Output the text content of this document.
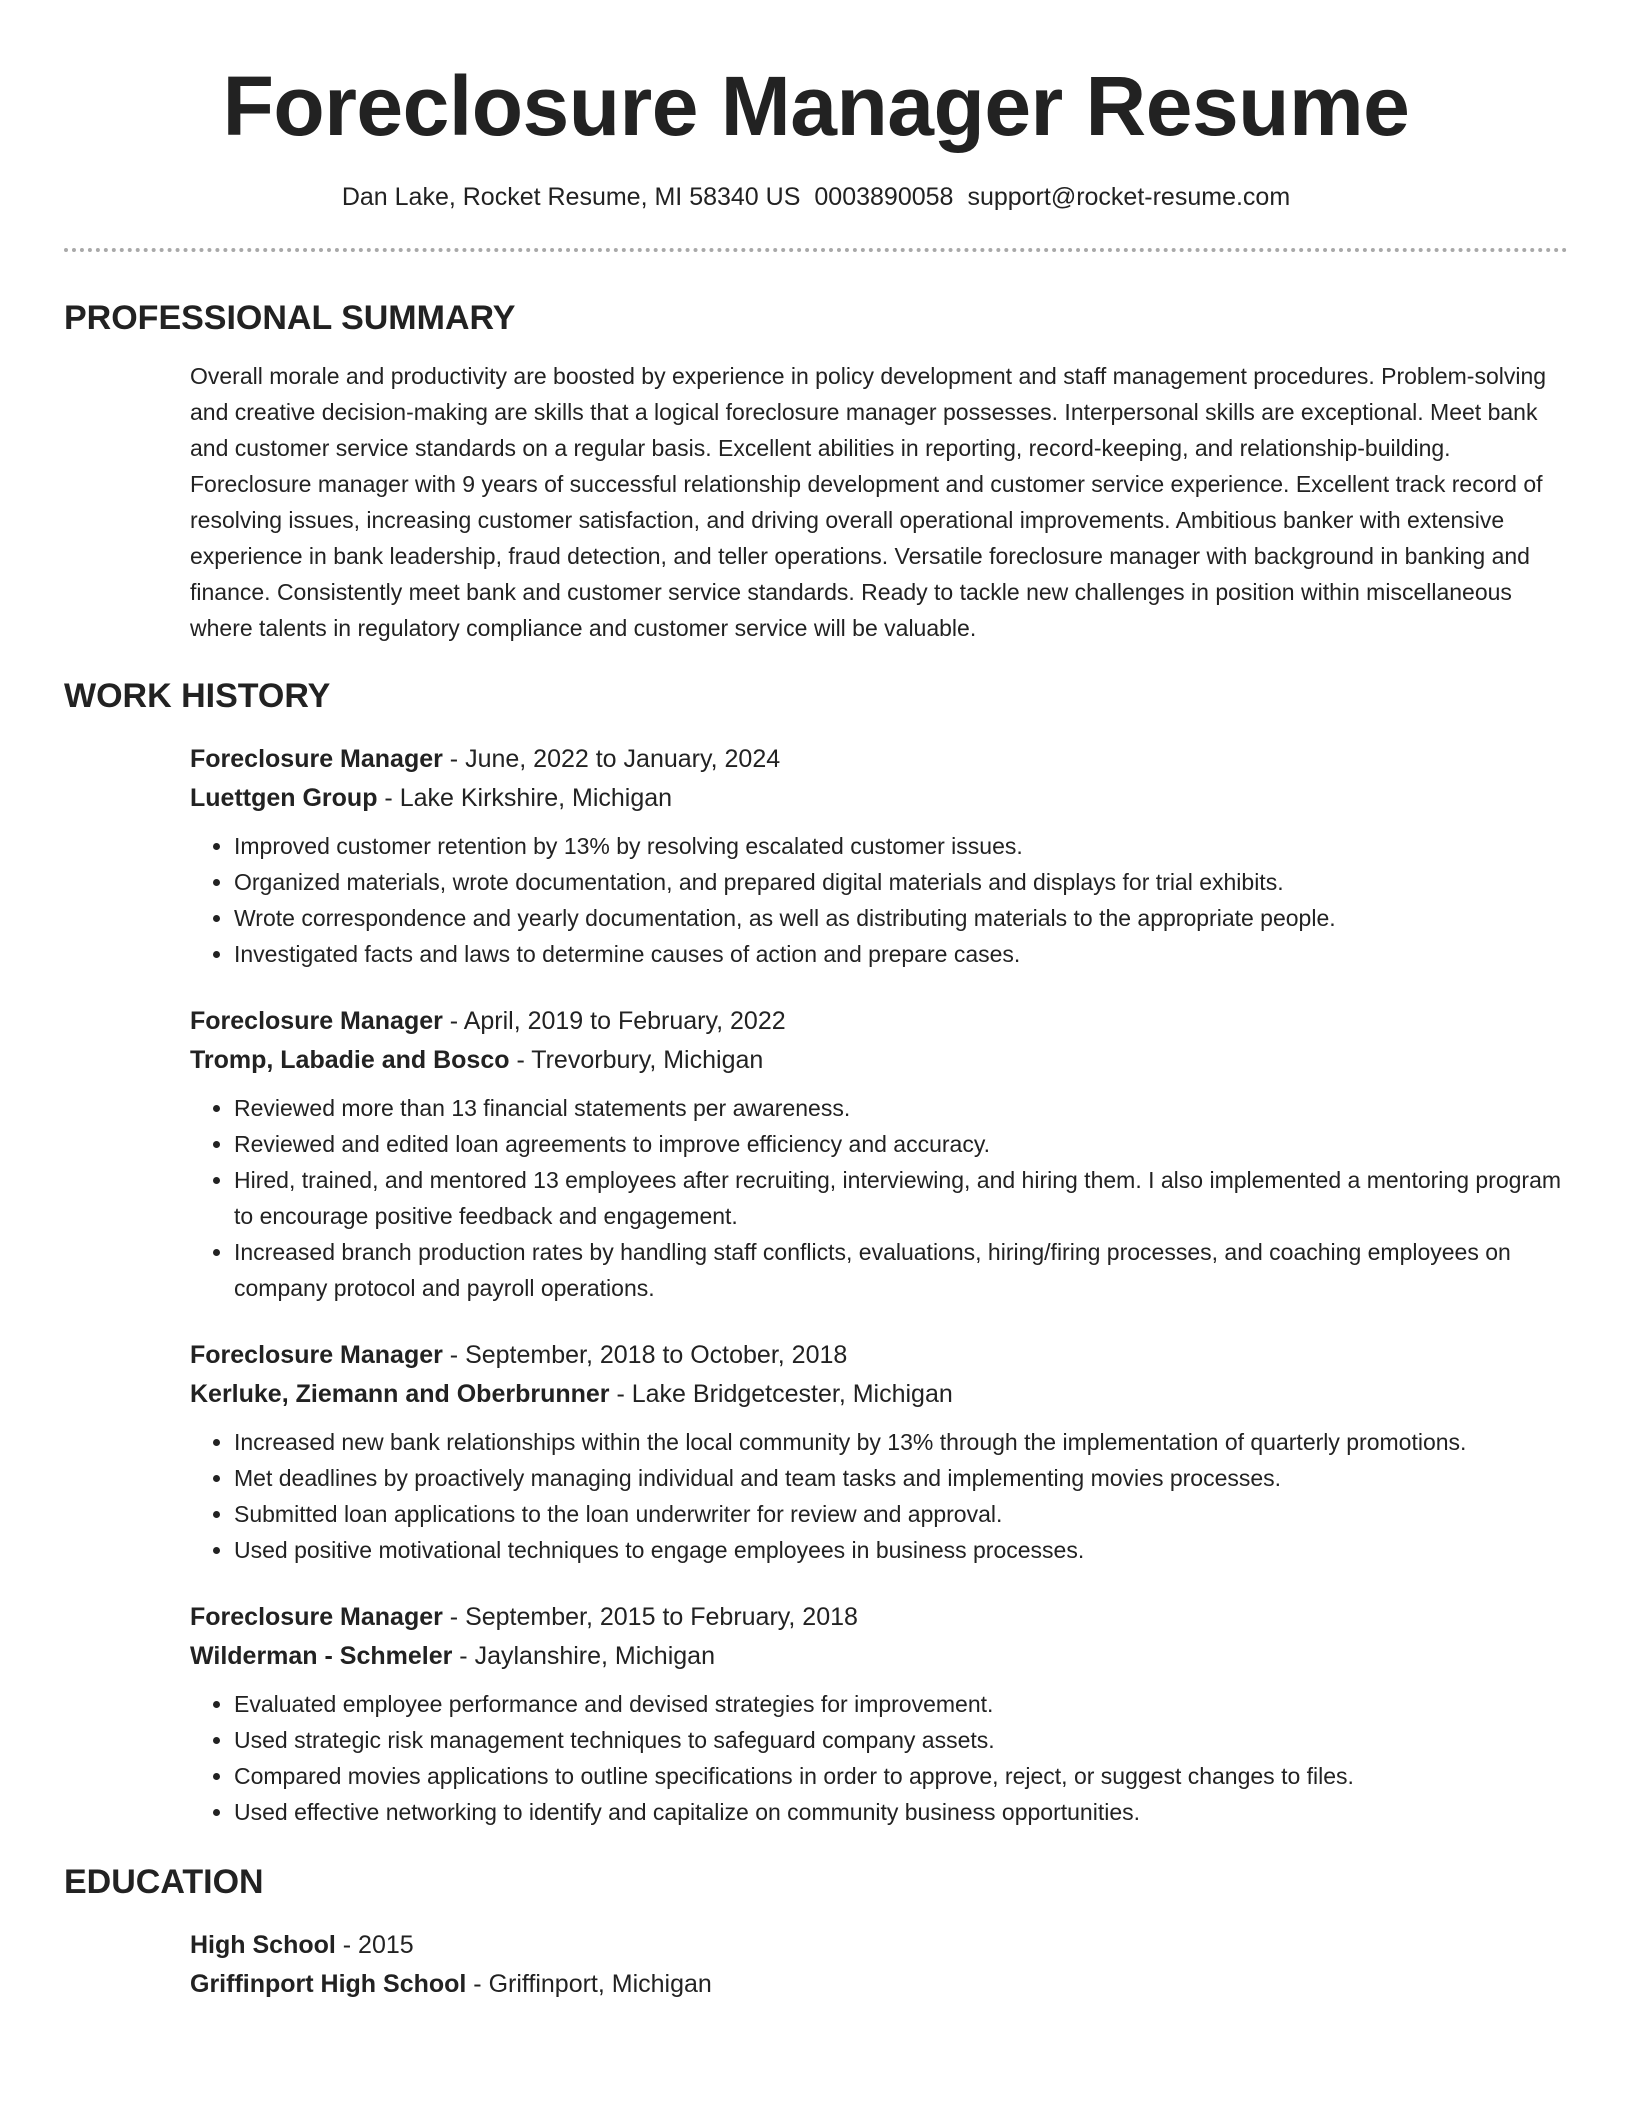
Foreclosure Manager Resume
Dan Lake, Rocket Resume, MI 58340 US 0003890058 support@rocket-resume.com
PROFESSIONAL SUMMARY

Overall morale and productivity are boosted by experience in policy development and staff management procedures. Problem-solving and creative decision-making are skills that a logical foreclosure manager possesses. Interpersonal skills are exceptional. Meet bank and customer service standards on a regular basis. Excellent abilities in reporting, record-keeping, and relationship-building. Foreclosure manager with 9 years of successful relationship development and customer service experience. Excellent track record of resolving issues, increasing customer satisfaction, and driving overall operational improvements. Ambitious banker with extensive experience in bank leadership, fraud detection, and teller operations. Versatile foreclosure manager with background in banking and finance. Consistently meet bank and customer service standards. Ready to tackle new challenges in position within miscellaneous where talents in regulatory compliance and customer service will be valuable.

WORK HISTORY
Foreclosure Manager - June, 2022 to January, 2024
Luettgen Group - Lake Kirkshire, Michigan
• Improved customer retention by 13% by resolving escalated customer issues.
• Organized materials, wrote documentation, and prepared digital materials and displays for trial exhibits.
• Wrote correspondence and yearly documentation, as well as distributing materials to the appropriate people.
• Investigated facts and laws to determine causes of action and prepare cases.
Foreclosure Manager - April, 2019 to February, 2022
Tromp, Labadie and Bosco - Trevorbury, Michigan
• Reviewed more than 13 financial statements per awareness.
• Reviewed and edited loan agreements to improve efficiency and accuracy.
• Hired, trained, and mentored 13 employees after recruiting, interviewing, and hiring them. I also implemented a mentoring program to encourage positive feedback and engagement.
• Increased branch production rates by handling staff conflicts, evaluations, hiring/firing processes, and coaching employees on company protocol and payroll operations.
Foreclosure Manager - September, 2018 to October, 2018
Kerluke, Ziemann and Oberbrunner - Lake Bridgetcester, Michigan
• Increased new bank relationships within the local community by 13% through the implementation of quarterly promotions.
• Met deadlines by proactively managing individual and team tasks and implementing movies processes.
• Submitted loan applications to the loan underwriter for review and approval.
• Used positive motivational techniques to engage employees in business processes.
Foreclosure Manager - September, 2015 to February, 2018
Wilderman - Schmeler - Jaylanshire, Michigan
• Evaluated employee performance and devised strategies for improvement.
• Used strategic risk management techniques to safeguard company assets.
• Compared movies applications to outline specifications in order to approve, reject, or suggest changes to files.
• Used effective networking to identify and capitalize on community business opportunities.
EDUCATION
High School - 2015
Griffinport High School - Griffinport, Michigan
